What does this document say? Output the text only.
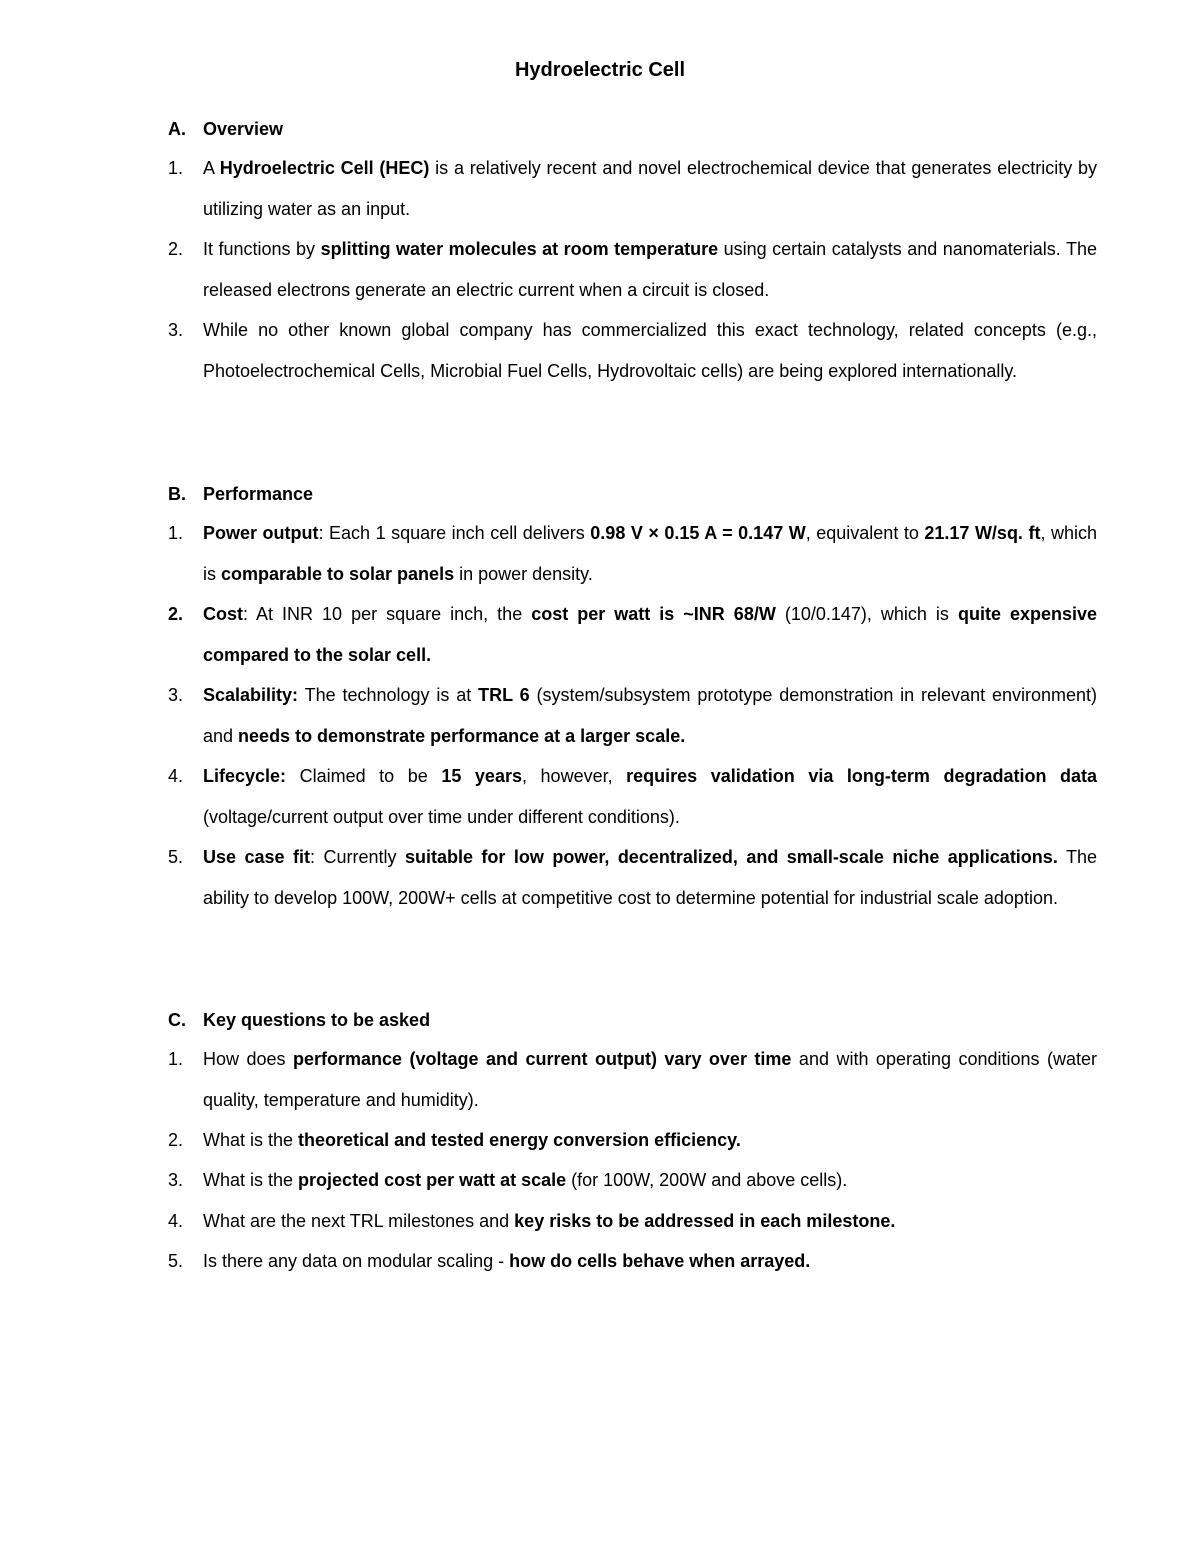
Hydroelectric Cell
A. Overview
1.	A Hydroelectric Cell (HEC) is a relatively recent and novel electrochemical device that generates electricity by utilizing water as an input.
2.	It functions by splitting water molecules at room temperature using certain catalysts and nanomaterials. The released electrons generate an electric current when a circuit is closed.
3.	While no other known global company has commercialized this exact technology, related concepts (e.g., Photoelectrochemical Cells, Microbial Fuel Cells, Hydrovoltaic cells) are being explored internationally.
B. Performance
1.	Power output: Each 1 square inch cell delivers 0.98 V × 0.15 A = 0.147 W, equivalent to 21.17 W/sq. ft, which is comparable to solar panels in power density.
2.	Cost: At INR 10 per square inch, the cost per watt is ~INR 68/W (10/0.147), which is quite expensive compared to the solar cell.
3.	Scalability: The technology is at TRL 6 (system/subsystem prototype demonstration in relevant environment) and needs to demonstrate performance at a larger scale.
4.	Lifecycle: Claimed to be 15 years, however, requires validation via long-term degradation data (voltage/current output over time under different conditions).
5.	Use case fit: Currently suitable for low power, decentralized, and small-scale niche applications. The ability to develop 100W, 200W+ cells at competitive cost to determine potential for industrial scale adoption.
C. Key questions to be asked
1.	How does performance (voltage and current output) vary over time and with operating conditions (water quality, temperature and humidity).
2.	What is the theoretical and tested energy conversion efficiency.
3.	What is the projected cost per watt at scale (for 100W, 200W and above cells).
4.	What are the next TRL milestones and key risks to be addressed in each milestone.
5.	Is there any data on modular scaling - how do cells behave when arrayed.
